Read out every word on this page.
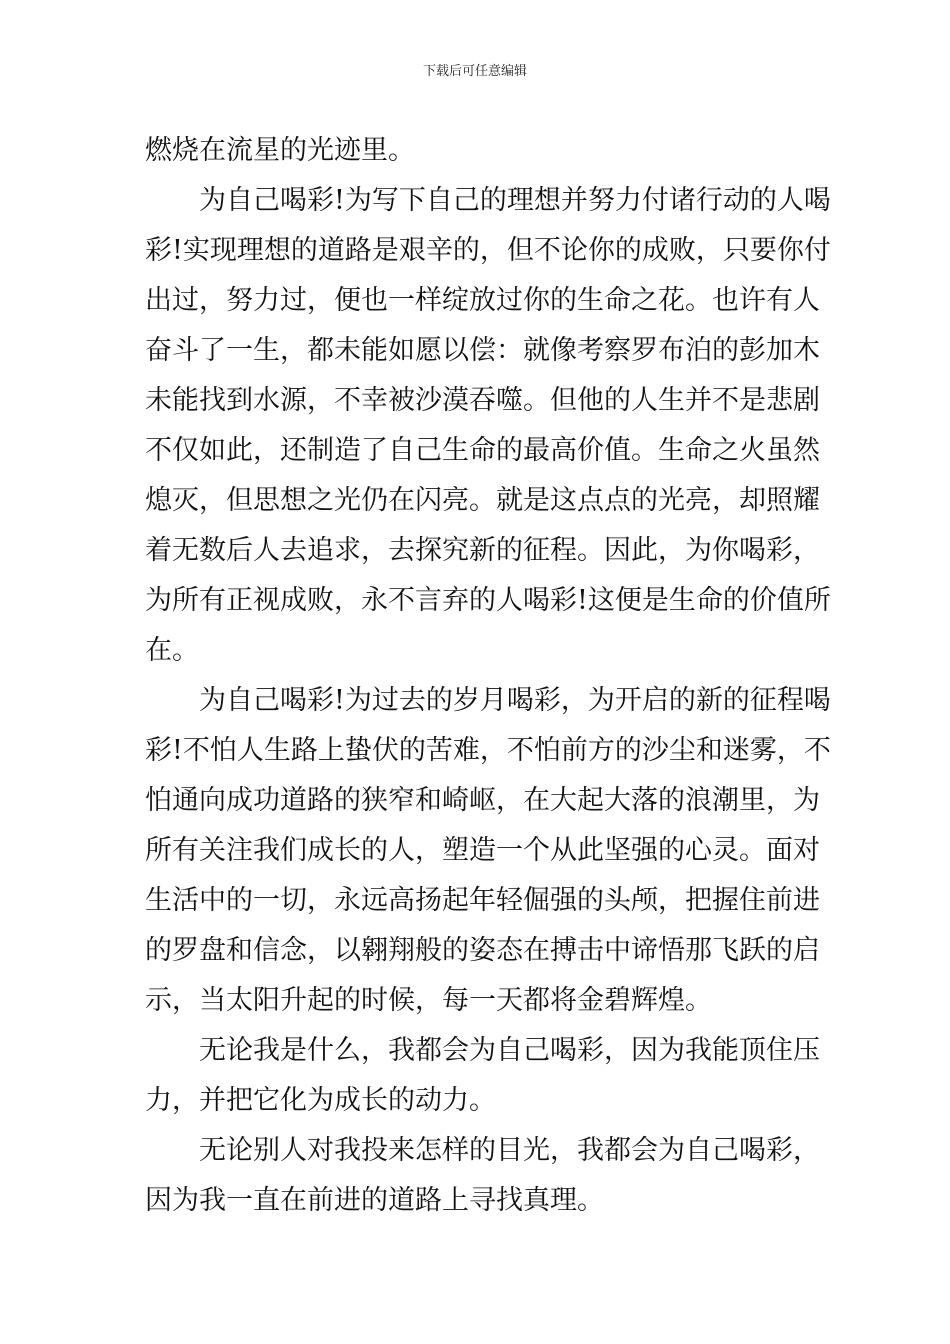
下载后可任意编辑
燃烧在流星的光迹里。
为自己喝彩!为写下自己的理想并努力付诸行动的人喝
彩!实现理想的道路是艰辛的，但不论你的成败，只要你付
出过，努力过，便也一样绽放过你的生命之花。也许有人
奋斗了一生，都未能如愿以偿：就像考察罗布泊的彭加木
未能找到水源，不幸被沙漠吞噬。但他的人生并不是悲剧
不仅如此，还制造了自己生命的最高价值。生命之火虽然
熄灭，但思想之光仍在闪亮。就是这点点的光亮，却照耀
着无数后人去追求，去探究新的征程。因此，为你喝彩，
为所有正视成败，永不言弃的人喝彩!这便是生命的价值所
在。
为自己喝彩!为过去的岁月喝彩，为开启的新的征程喝
彩!不怕人生路上蛰伏的苦难，不怕前方的沙尘和迷雾，不
怕通向成功道路的狭窄和崎岖，在大起大落的浪潮里，为
所有关注我们成长的人，塑造一个从此坚强的心灵。面对
生活中的一切，永远高扬起年轻倔强的头颅，把握住前进
的罗盘和信念，以翱翔般的姿态在搏击中谛悟那飞跃的启
示，当太阳升起的时候，每一天都将金碧辉煌。
无论我是什么，我都会为自己喝彩，因为我能顶住压
力，并把它化为成长的动力。
无论别人对我投来怎样的目光，我都会为自己喝彩，
因为我一直在前进的道路上寻找真理。
